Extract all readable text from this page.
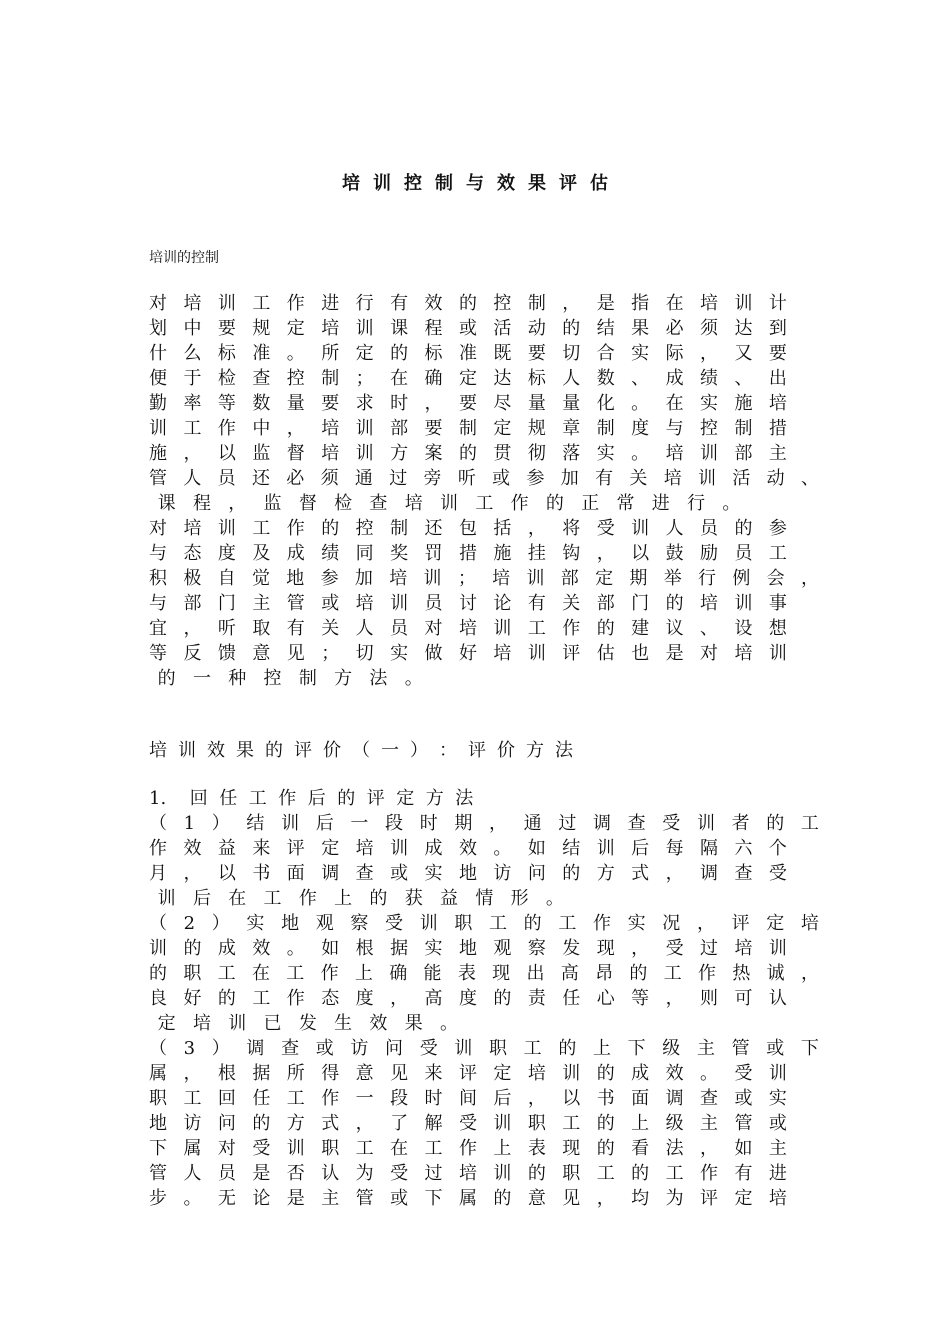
培训控制与效果评估
培训的控制
对 培 训 工 作 进 行 有 效 的 控 制 ， 是 指 在 培 训 计
划 中 要 规 定 培 训 课 程 或 活 动 的 结 果 必 须 达 到
什 么 标 准 。 所 定 的 标 准 既 要 切 合 实 际 ， 又 要
便 于 检 查 控 制 ； 在 确 定 达 标 人 数 、 成 绩 、 出
勤 率 等 数 量 要 求 时 ， 要 尽 量 量 化 。 在 实 施 培
训 工 作 中 ， 培 训 部 要 制 定 规 章 制 度 与 控 制 措
施 ， 以 监 督 培 训 方 案 的 贯 彻 落 实 。 培 训 部 主
管 人 员 还 必 须 通 过 旁 听 或 参 加 有 关 培 训 活 动 、
课 程 ， 监 督 检 查 培 训 工 作 的 正 常 进 行 。
对 培 训 工 作 的 控 制 还 包 括 ， 将 受 训 人 员 的 参
与 态 度 及 成 绩 同 奖 罚 措 施 挂 钩 ， 以 鼓 励 员 工
积 极 自 觉 地 参 加 培 训 ； 培 训 部 定 期 举 行 例 会 ，
与 部 门 主 管 或 培 训 员 讨 论 有 关 部 门 的 培 训 事
宜 ， 听 取 有 关 人 员 对 培 训 工 作 的 建 议 、 设 想
等 反 馈 意 见 ； 切 实 做 好 培 训 评 估 也 是 对 培 训
的 一 种 控 制 方 法 。
培 训 效 果 的 评 价 （ 一 ） ： 评 价 方 法
1.	回 任 工 作 后 的 评 定 方 法
（ 1 ） 结 训 后 一 段 时 期 ， 通 过 调 查 受 训 者 的 工
作 效 益 来 评 定 培 训 成 效 。 如 结 训 后 每 隔 六 个
月 ， 以 书 面 调 查 或 实 地 访 问 的 方 式 ， 调 查 受
训 后 在 工 作 上 的 获 益 情 形 。
（ 2 ） 实 地 观 察 受 训 职 工 的 工 作 实 况 ， 评 定 培
训 的 成 效 。 如 根 据 实 地 观 察 发 现 ， 受 过 培 训
的 职 工 在 工 作 上 确 能 表 现 出 高 昂 的 工 作 热 诚 ，
良 好 的 工 作 态 度 ， 高 度 的 责 任 心 等 ， 则 可 认
定 培 训 已 发 生 效 果 。
（ 3 ） 调 查 或 访 问 受 训 职 工 的 上 下 级 主 管 或 下
属 ， 根 据 所 得 意 见 来 评 定 培 训 的 成 效 。 受 训
职 工 回 任 工 作 一 段 时 间 后 ， 以 书 面 调 查 或 实
地 访 问 的 方 式 ， 了 解 受 训 职 工 的 上 级 主 管 或
下 属 对 受 训 职 工 在 工 作 上 表 现 的 看 法 ， 如 主
管 人 员 是 否 认 为 受 过 培 训 的 职 工 的 工 作 有 进
步 。 无 论 是 主 管 或 下 属 的 意 见 ， 均 为 评 定 培
